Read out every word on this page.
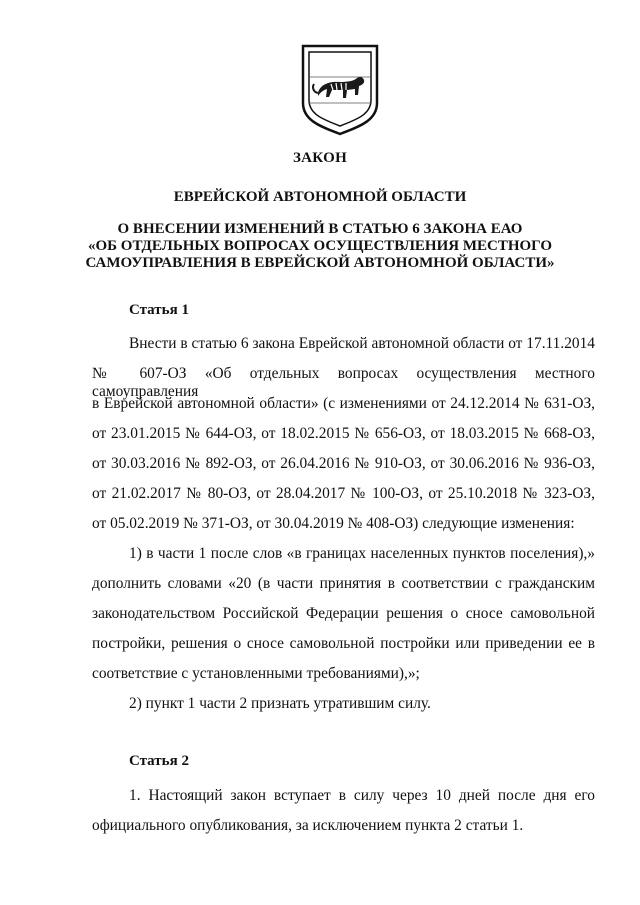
ЗАКОН
ЕВРЕЙСКОЙ АВТОНОМНОЙ ОБЛАСТИ
О ВНЕСЕНИИ ИЗМЕНЕНИЙ В СТАТЬЮ 6 ЗАКОНА ЕАО
«ОБ ОТДЕЛЬНЫХ ВОПРОСАХ ОСУЩЕСТВЛЕНИЯ МЕСТНОГО
САМОУПРАВЛЕНИЯ В ЕВРЕЙСКОЙ АВТОНОМНОЙ ОБЛАСТИ»
Статья 1
Внести в статью 6 закона Еврейской автономной области от 17.11.2014
№ 607-ОЗ «Об отдельных вопросах осуществления местного самоуправления
в Еврейской автономной области» (с изменениями от 24.12.2014 № 631-ОЗ,
от 23.01.2015 № 644-ОЗ, от 18.02.2015 № 656-ОЗ, от 18.03.2015 № 668-ОЗ,
от 30.03.2016 № 892-ОЗ, от 26.04.2016 № 910-ОЗ, от 30.06.2016 № 936-ОЗ,
от 21.02.2017 № 80-ОЗ, от 28.04.2017 № 100-ОЗ, от 25.10.2018 № 323-ОЗ,
от 05.02.2019 № 371-ОЗ, от 30.04.2019 № 408-ОЗ) следующие изменения:
1) в части 1 после слов «в границах населенных пунктов поселения),»
дополнить словами «20 (в части принятия в соответствии с гражданским
законодательством Российской Федерации решения о сносе самовольной
постройки, решения о сносе самовольной постройки или приведении ее в
соответствие с установленными требованиями),»;
2) пункт 1 части 2 признать утратившим силу.
Статья 2
1. Настоящий закон вступает в силу через 10 дней после дня его
официального опубликования, за исключением пункта 2 статьи 1.
